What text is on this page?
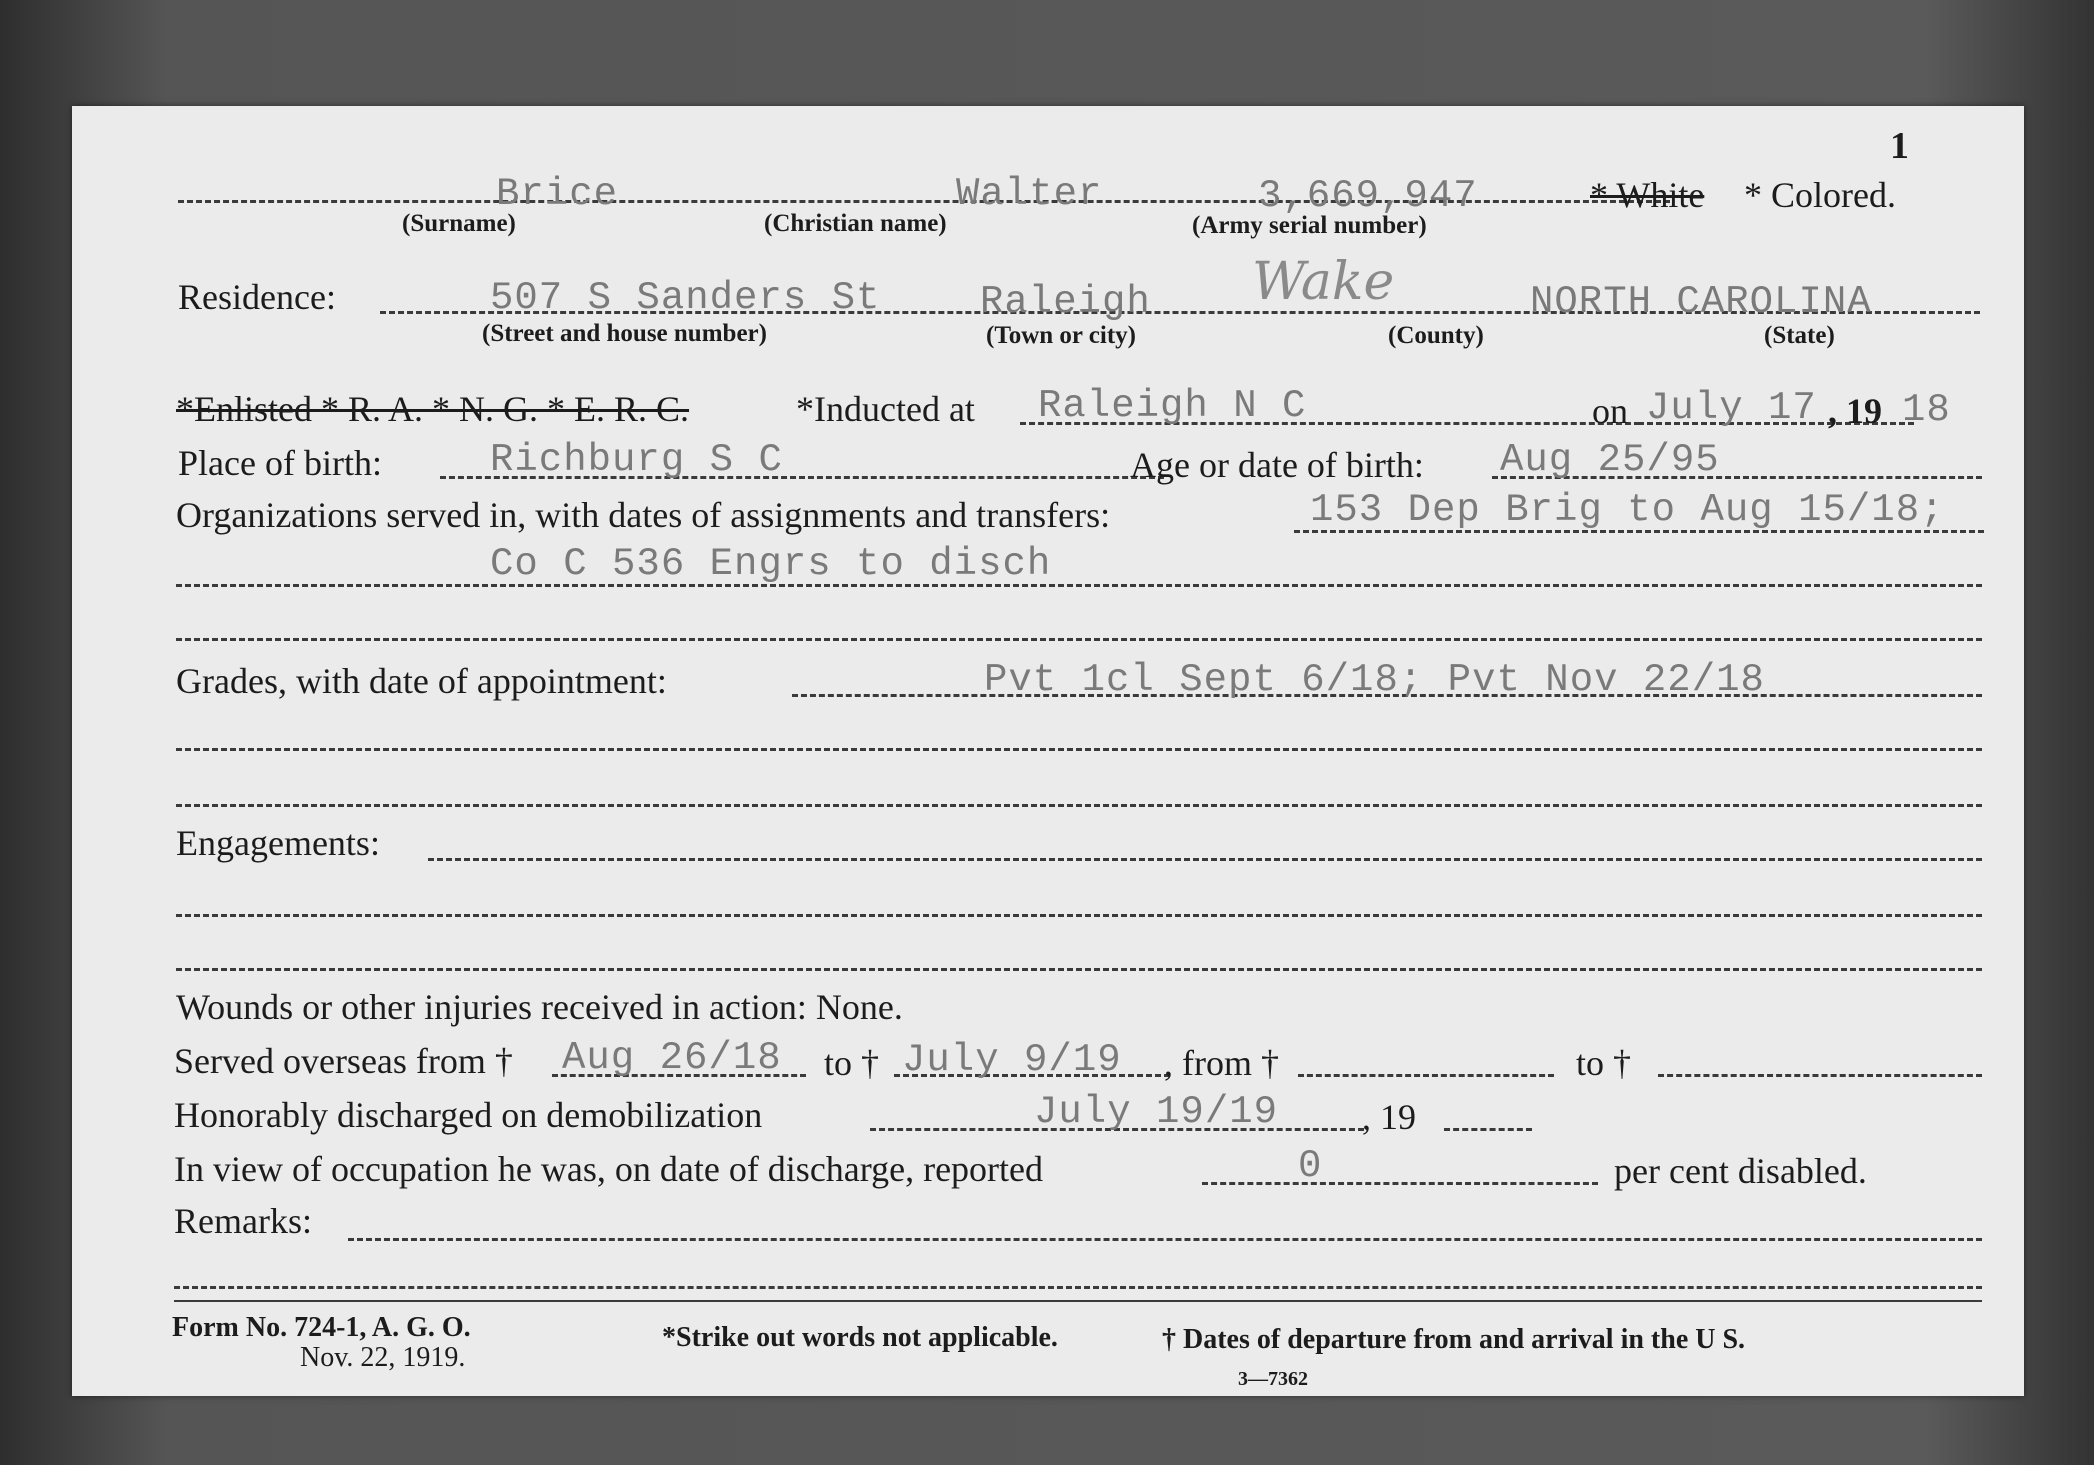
1
Brice	Walter	3,669,947	* White * Colored.
(Surname)	(Christian name)	(Army serial number)
Residence:	507 S Sanders St	Raleigh Wake	NORTH CAROLINA
(Street and house number)	(Town or city)	(County)	(State)
*Enlisted * R. A. * N. G. * E. R. C.	*Inducted at Raleigh N C	on July 17 , 19 18
Place of birth:	Richburg S C	Age or date of birth: Aug 25/95
Organizations served in, with dates of assignments and transfers:	153 Dep Brig to Aug 15/18;
Co C 536 Engrs to disch
Grades, with date of appointment:	Pvt 1cl Sept 6/18; Pvt Nov 22/18
Engagements:
Wounds or other injuries received in action: None.
Served overseas from † Aug 26/18 to † July 9/19 , from †	to †
Honorably discharged on demobilization	July 19/19 , 19
In view of occupation he was, on date of discharge, reported	0	per cent disabled.
Remarks:
Form No. 724-1, A. G. O.
Nov. 22, 1919.
*Strike out words not applicable.	† Dates of departure from and arrival in the U S.
3—7362
